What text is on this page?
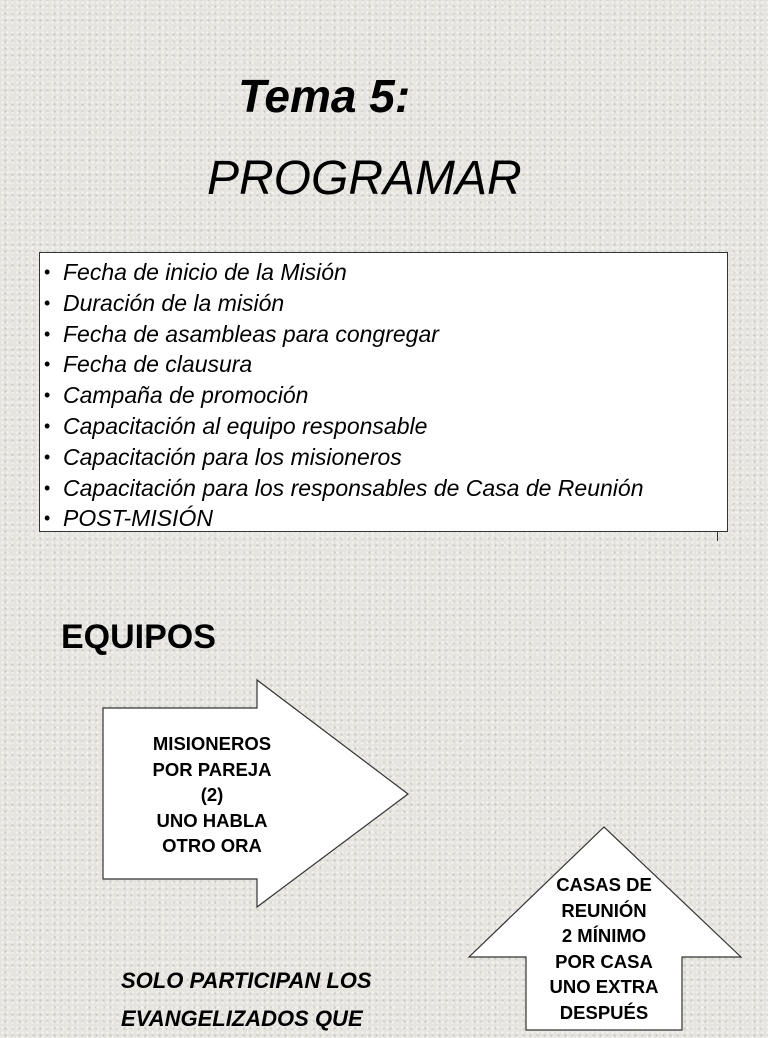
Tema 5:
PROGRAMAR
• Fecha de inicio de la Misión
• Duración de la misión
• Fecha de asambleas para congregar
• Fecha de clausura
• Campaña de promoción
• Capacitación al equipo responsable
• Capacitación para los misioneros
• Capacitación para los responsables de Casa de Reunión
• POST-MISIÓN
EQUIPOS
MISIONEROS
POR PAREJA
(2)
UNO HABLA
OTRO ORA
CASAS DE
REUNIÓN
2 MÍNIMO
POR CASA
UNO EXTRA
DESPUÉS

SOLO PARTICIPAN LOS
EVANGELIZADOS QUE
